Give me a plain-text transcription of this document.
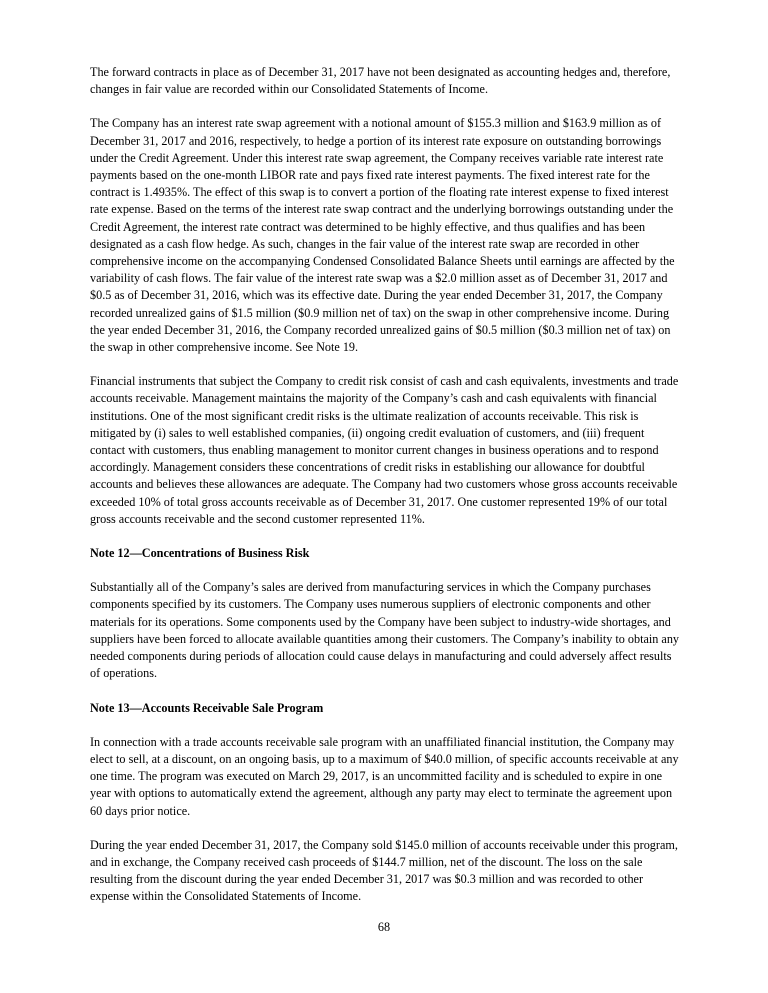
The forward contracts in place as of December 31, 2017 have not been designated as accounting hedges and, therefore, changes in fair value are recorded within our Consolidated Statements of Income.

The Company has an interest rate swap agreement with a notional amount of $155.3 million and $163.9 million as of December 31, 2017 and 2016, respectively, to hedge a portion of its interest rate exposure on outstanding borrowings under the Credit Agreement. Under this interest rate swap agreement, the Company receives variable rate interest rate payments based on the one-month LIBOR rate and pays fixed rate interest payments. The fixed interest rate for the contract is 1.4935%. The effect of this swap is to convert a portion of the floating rate interest expense to fixed interest rate expense. Based on the terms of the interest rate swap contract and the underlying borrowings outstanding under the Credit Agreement, the interest rate contract was determined to be highly effective, and thus qualifies and has been designated as a cash flow hedge. As such, changes in the fair value of the interest rate swap are recorded in other comprehensive income on the accompanying Condensed Consolidated Balance Sheets until earnings are affected by the variability of cash flows. The fair value of the interest rate swap was a $2.0 million asset as of December 31, 2017 and $0.5 as of December 31, 2016, which was its effective date. During the year ended December 31, 2017, the Company recorded unrealized gains of $1.5 million ($0.9 million net of tax) on the swap in other comprehensive income. During the year ended December 31, 2016, the Company recorded unrealized gains of $0.5 million ($0.3 million net of tax) on the swap in other comprehensive income. See Note 19.

Financial instruments that subject the Company to credit risk consist of cash and cash equivalents, investments and trade accounts receivable. Management maintains the majority of the Company’s cash and cash equivalents with financial institutions. One of the most significant credit risks is the ultimate realization of accounts receivable. This risk is mitigated by (i) sales to well established companies, (ii) ongoing credit evaluation of customers, and (iii) frequent contact with customers, thus enabling management to monitor current changes in business operations and to respond accordingly. Management considers these concentrations of credit risks in establishing our allowance for doubtful accounts and believes these allowances are adequate. The Company had two customers whose gross accounts receivable exceeded 10% of total gross accounts receivable as of December 31, 2017. One customer represented 19% of our total gross accounts receivable and the second customer represented 11%.

Note 12—Concentrations of Business Risk

Substantially all of the Company’s sales are derived from manufacturing services in which the Company purchases components specified by its customers. The Company uses numerous suppliers of electronic components and other materials for its operations. Some components used by the Company have been subject to industry-wide shortages, and suppliers have been forced to allocate available quantities among their customers. The Company’s inability to obtain any needed components during periods of allocation could cause delays in manufacturing and could adversely affect results of operations.

Note 13—Accounts Receivable Sale Program

In connection with a trade accounts receivable sale program with an unaffiliated financial institution, the Company may elect to sell, at a discount, on an ongoing basis, up to a maximum of $40.0 million, of specific accounts receivable at any one time. The program was executed on March 29, 2017, is an uncommitted facility and is scheduled to expire in one year with options to automatically extend the agreement, although any party may elect to terminate the agreement upon 60 days prior notice.

During the year ended December 31, 2017, the Company sold $145.0 million of accounts receivable under this program, and in exchange, the Company received cash proceeds of $144.7 million, net of the discount. The loss on the sale resulting from the discount during the year ended December 31, 2017 was $0.3 million and was recorded to other expense within the Consolidated Statements of Income.

68
